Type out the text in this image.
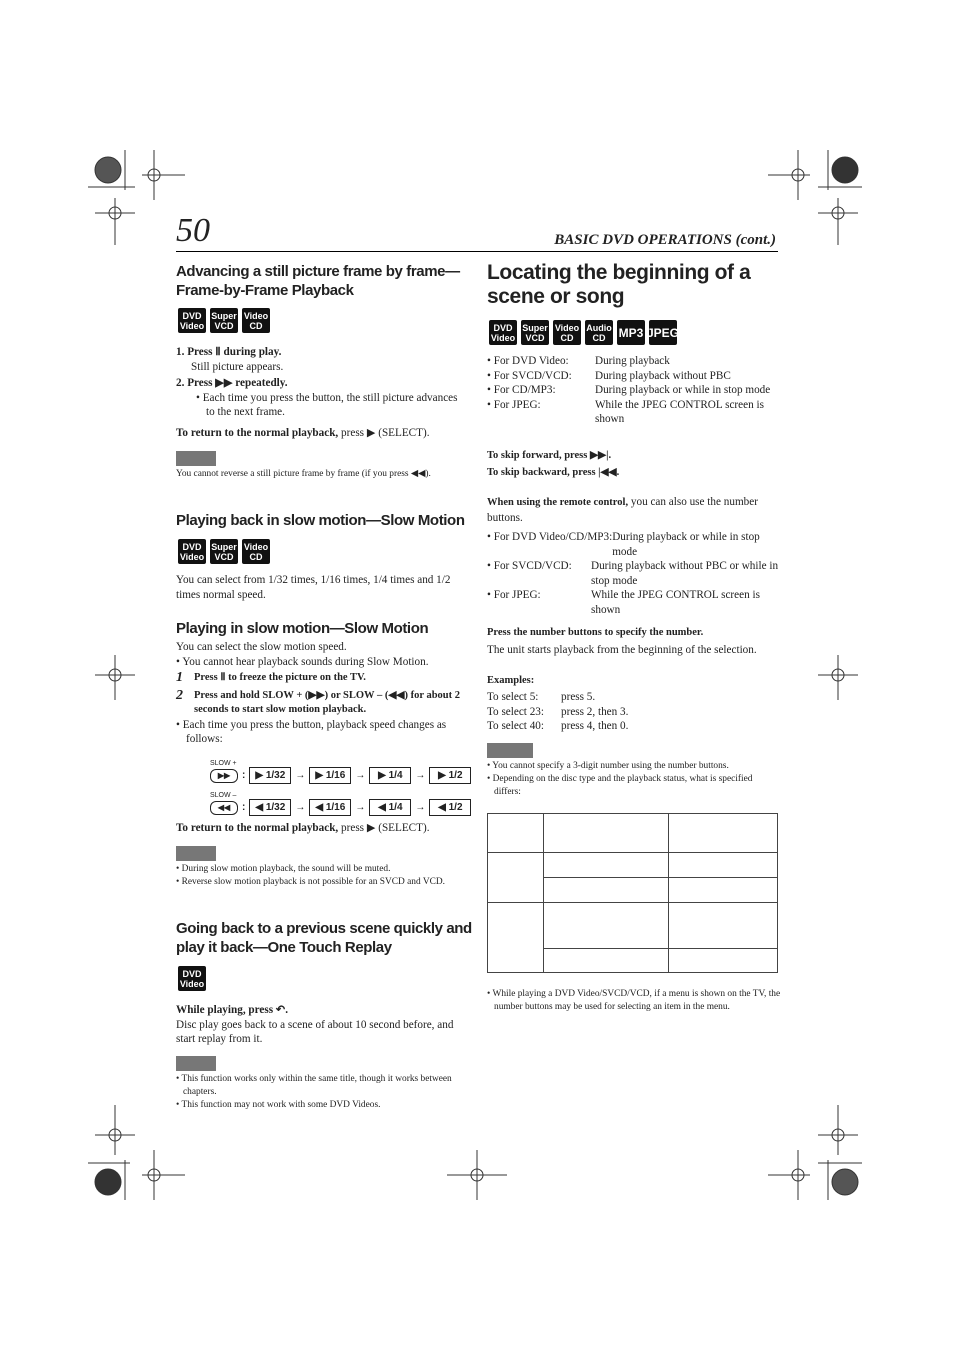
50	BASIC DVD OPERATIONS (cont.)
Advancing a still picture frame by frame—Frame-by-Frame Playback
DVD
Video
Super
VCD
Video
CD
1. Press Ⅱ during play.
Still picture appears.
2. Press ▶▶ repeatedly.
• Each time you press the button, the still picture advances to the next frame.
To return to the normal playback, press ▶ (SELECT).
You cannot reverse a still picture frame by frame (if you press ◀◀).
Playing back in slow motion—Slow Motion
DVD
Video
Super
VCD
Video
CD
You can select from 1/32 times, 1/16 times, 1/4 times and 1/2 times normal speed.
Playing in slow motion—Slow Motion
You can select the slow motion speed.
• You cannot hear playback sounds during Slow Motion.
1	Press Ⅱ to freeze the picture on the TV.
2	Press and hold SLOW + (▶▶) or SLOW – (◀◀) for about 2 seconds to start slow motion playback.
• Each time you press the button, playback speed changes as follows:
SLOW +
▶▶	:	▶ 1/32	→	▶ 1/16	→	▶ 1/4	→	▶ 1/2
SLOW –
◀◀	:	◀ 1/32	→	◀ 1/16	→	◀ 1/4	→	◀ 1/2
To return to the normal playback, press ▶ (SELECT).
• During slow motion playback, the sound will be muted.
• Reverse slow motion playback is not possible for an SVCD and VCD.
Going back to a previous scene quickly and play it back—One Touch Replay
DVD
Video
While playing, press ↶.
Disc play goes back to a scene of about 10 second before, and start replay from it.
• This function works only within the same title, though it works between chapters.
• This function may not work with some DVD Videos.
Locating the beginning of a scene or song
DVD
Video
Super
VCD
Video
CD
Audio
CD MP3 JPEG
• For DVD Video:	During playback
• For SVCD/VCD:	During playback without PBC
• For CD/MP3:	During playback or while in stop mode
• For JPEG:	While the JPEG CONTROL screen is shown
To skip forward, press ▶▶|.
To skip backward, press |◀◀.
When using the remote control, you can also use the number buttons.
• For DVD Video/CD/MP3: During playback or while in stop mode
• For SVCD/VCD:	During playback without PBC or while in stop mode
• For JPEG:	While the JPEG CONTROL screen is shown
Press the number buttons to specify the number.
The unit starts playback from the beginning of the selection.
Examples:
To select 5:	press 5.
To select 23:	press 2, then 3.
To select 40:	press 4, then 0.
• You cannot specify a 3-digit number using the number buttons.
• Depending on the disc type and the playback status, what is specified differs:

• While playing a DVD Video/SVCD/VCD, if a menu is shown on the TV, the number buttons may be used for selecting an item in the menu.
